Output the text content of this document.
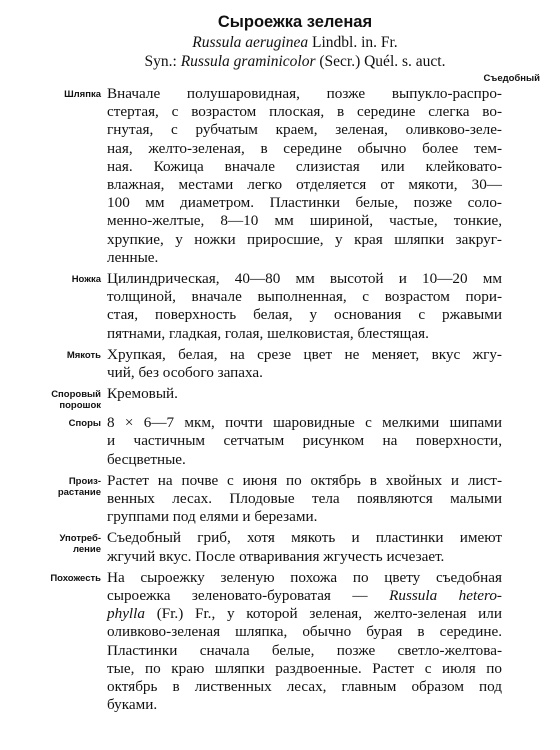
Сыроежка зеленая
Russula aeruginea Lindbl. in. Fr.
Syn.: Russula graminicolor (Secr.) Quél. s. auct.
Съедобный
Шляпка Вначале полушаровидная, позже выпукло-распро-
стертая, с возрастом плоская, в середине слегка во-
гнутая, с рубчатым краем, зеленая, оливково-зеле-
ная, желто-зеленая, в середине обычно более тем-
ная. Кожица вначале слизистая или клейковато-
влажная, местами легко отделяется от мякоти, 30—
100 мм диаметром. Пластинки белые, позже соло-
менно-желтые, 8—10 мм шириной, частые, тонкие,
хрупкие, у ножки приросшие, у края шляпки закруг-
ленные.
Ножка Цилиндрическая, 40—80 мм высотой и 10—20 мм
толщиной, вначале выполненная, с возрастом пори-
стая, поверхность белая, у основания с ржавыми
пятнами, гладкая, голая, шелковистая, блестящая.
Мякоть Хрупкая, белая, на срезе цвет не меняет, вкус жгу-
чий, без особого запаха.
Споровый
порошок
Кремовый.
Споры 8 × 6—7 мкм, почти шаровидные с мелкими шипами
и частичным сетчатым рисунком на поверхности,
бесцветные.
Произ-
растание
Растет на почве с июня по октябрь в хвойных и лист-
венных лесах. Плодовые тела появляются малыми
группами под елями и березами.
Употреб-
ление
Съедобный гриб, хотя мякоть и пластинки имеют
жгучий вкус. После отваривания жгучесть исчезает.
Похожесть На сыроежку зеленую похожа по цвету съедобная
сыроежка зеленовато-буроватая — Russula hetero-
phylla (Fr.) Fr., у которой зеленая, желто-зеленая или
оливково-зеленая шляпка, обычно бурая в середине.
Пластинки сначала белые, позже светло-желтова-
тые, по краю шляпки раздвоенные. Растет с июля по
октябрь в лиственных лесах, главным образом под
буками.
